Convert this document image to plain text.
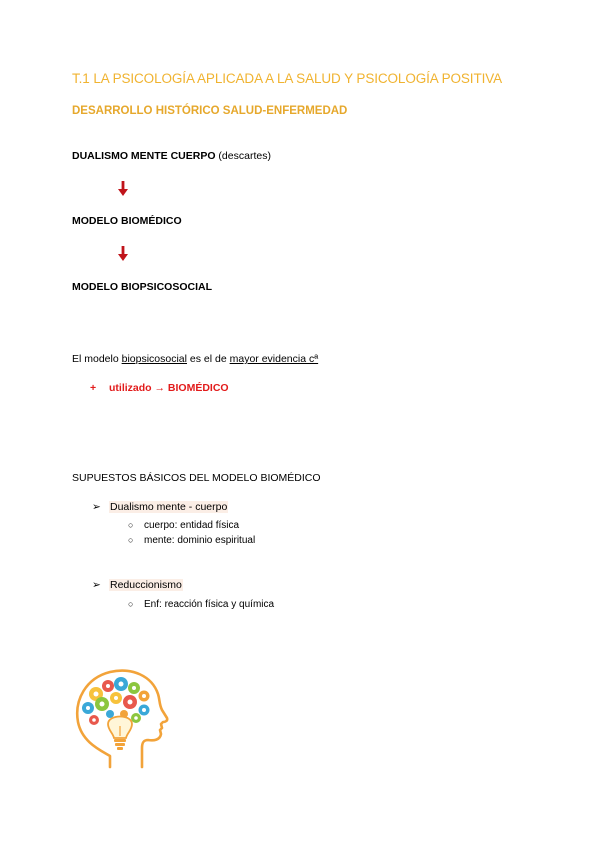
T.1 LA PSICOLOGÍA APLICADA A LA SALUD Y PSICOLOGÍA POSITIVA
DESARROLLO HISTÓRICO SALUD-ENFERMEDAD
DUALISMO MENTE CUERPO (descartes)
MODELO BIOMÉDICO
MODELO BIOPSICOSOCIAL
El modelo biopsicosocial es el de mayor evidencia cª
+ utilizado → BIOMÉDICO
SUPUESTOS BÁSICOS DEL MODELO BIOMÉDICO
➢ Dualismo mente - cuerpo
○ cuerpo: entidad física
○ mente: dominio espiritual
➢ Reduccionismo
○ Enf: reacción física y química
